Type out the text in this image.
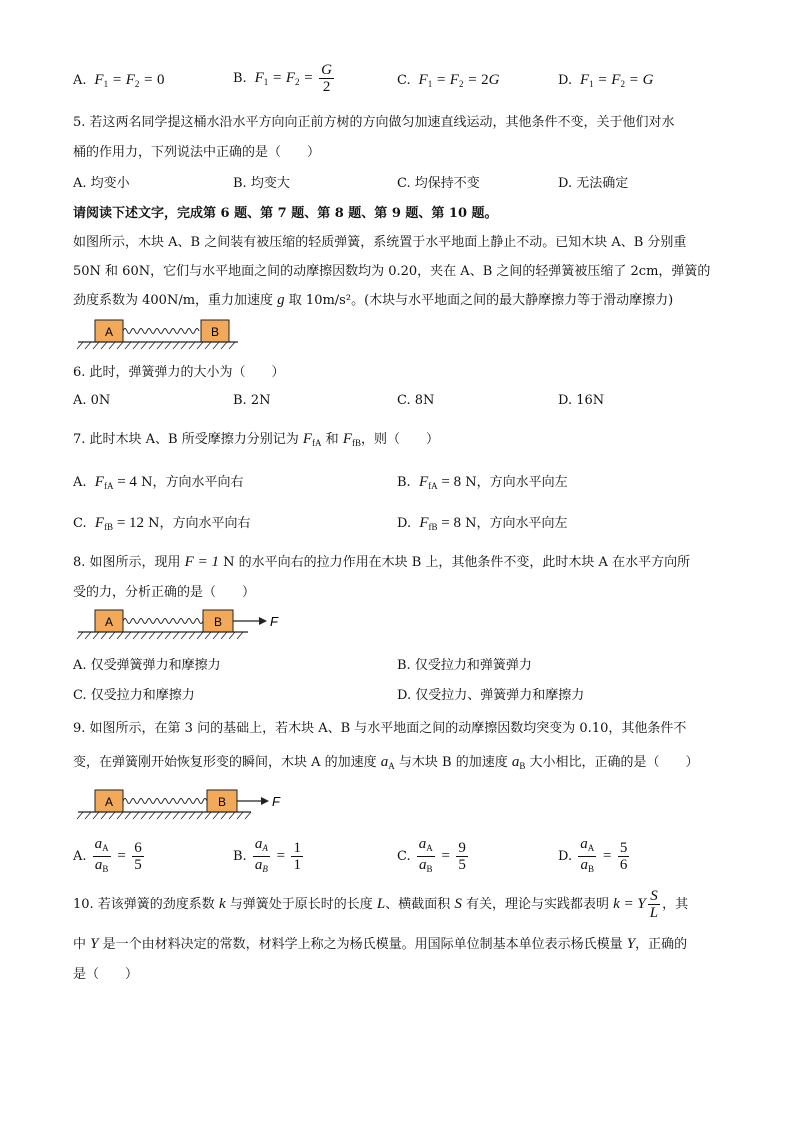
A.  $F_1 = F_2 = 0$	B.  $F_1 = F_2 = \frac{G}{2}$	C.  $F_1 = F_2 = 2G$	D.  $F_1 = F_2 = G$
5. 若这两名同学提这桶水沿水平方向向正前方树的方向做匀加速直线运动，其他条件不变，关于他们对水
桶的作用力，下列说法中正确的是（　　）
A. 均变小	B. 均变大	C. 均保持不变	D. 无法确定
请阅读下述文字，完成第 6 题、第 7 题、第 8 题、第 9 题、第 10 题。
如图所示，木块 A、B 之间装有被压缩的轻质弹簧，系统置于水平地面上静止不动。已知木块 A、B 分别重
50N 和 60N，它们与水平地面之间的动摩擦因数均为 0.20，夹在 A、B 之间的轻弹簧被压缩了 2cm，弹簧的
劲度系数为 400N/m，重力加速度 g 取 10m/s²。(木块与水平地面之间的最大静摩擦力等于滑动摩擦力)
A	B
6. 此时，弹簧弹力的大小为（　　）
A. 0N	B. 2N	C. 8N	D. 16N
7. 此时木块 A、B 所受摩擦力分别记为 $F_{fA}$ 和 $F_{fB}$，则（　　）
A. $F_{fA} = 4$ N，方向水平向右	B. $F_{fA} = 8$ N，方向水平向左
C. $F_{fB} = 12$ N，方向水平向右	D. $F_{fB} = 8$ N，方向水平向左
8. 如图所示，现用 F = 1 N 的水平向右的拉力作用在木块 B 上，其他条件不变，此时木块 A 在水平方向所
受的力，分析正确的是（　　）
A	B	F
A. 仅受弹簧弹力和摩擦力	B. 仅受拉力和弹簧弹力
C. 仅受拉力和摩擦力	D. 仅受拉力、弹簧弹力和摩擦力
9. 如图所示，在第 3 问的基础上，若木块 A、B 与水平地面之间的动摩擦因数均突变为 0.10，其他条件不
变，在弹簧刚开始恢复形变的瞬间，木块 A 的加速度 $a_A$ 与木块 B 的加速度 $a_B$ 大小相比，正确的是（　　）
A	B	F
A. $\frac{a_A}{a_B} = \frac{6}{5}$	B. $\frac{a_A}{a_B} = \frac{1}{1}$	C. $\frac{a_A}{a_B} = \frac{9}{5}$	D. $\frac{a_A}{a_B} = \frac{5}{6}$
10. 若该弹簧的劲度系数 k 与弹簧处于原长时的长度 L、横截面积 S 有关，理论与实践都表明 k = Y $\frac{S}{L}$ ，其
中 Y 是一个由材料决定的常数，材料学上称之为杨氏模量。用国际单位制基本单位表示杨氏模量 Y，正确的
是（　　）
